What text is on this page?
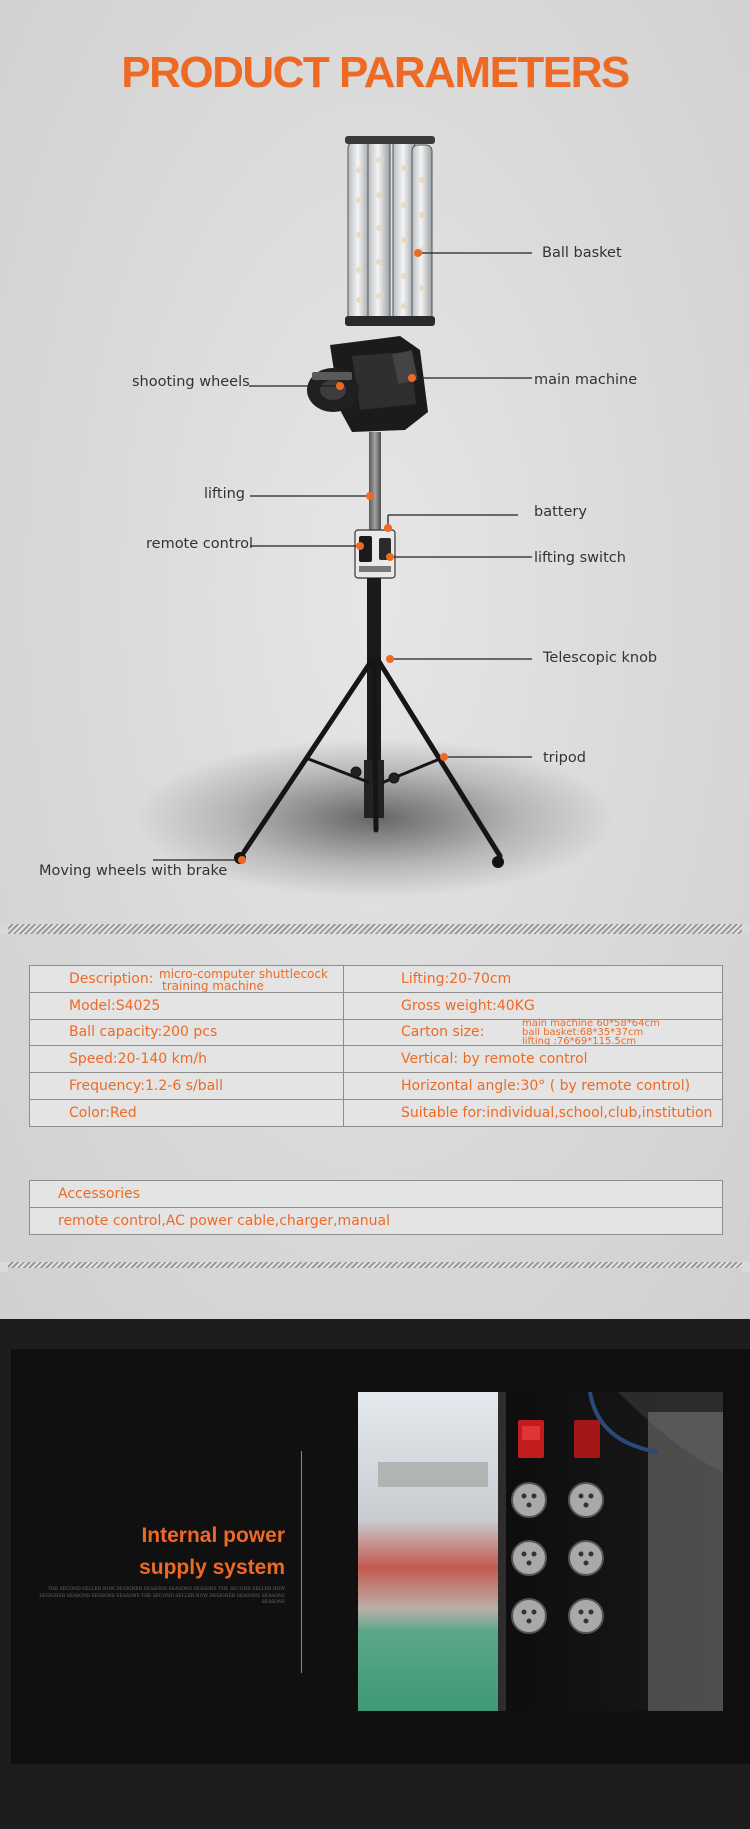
PRODUCT PARAMETERS
Ball basket
shooting wheels	main machine
lifting
battery
remote control
lifting switch
Telescopic knob
tripod
Moving wheels with brake
Description: micro-computer shuttlecock
training machine	Lifting:20-70cm
Model:S4025	Gross weight:40KG
Ball capacity:200 pcs	Carton size:
main machine 60*58*64cm
ball basket:68*35*37cm
lifting :76*69*115.5cm

Speed:20-140 km/h	Vertical: by remote control
Frequency:1.2-6 s/ball	Horizontal angle:30° ( by remote control)
Color:Red	Suitable for:individual,school,club,institution
Accessories
remote control,AC power cable,charger,manual
Internal power
supply system
THE SECOND SELLER NOW DESIGNER SEASONS SEASONS SEASONS THE SECOND SELLER NOW DESIGNER SEASONS SEASONS SEASONS THE SECOND SELLER NOW DESIGNER SEASONS SEASONS SEASONS
